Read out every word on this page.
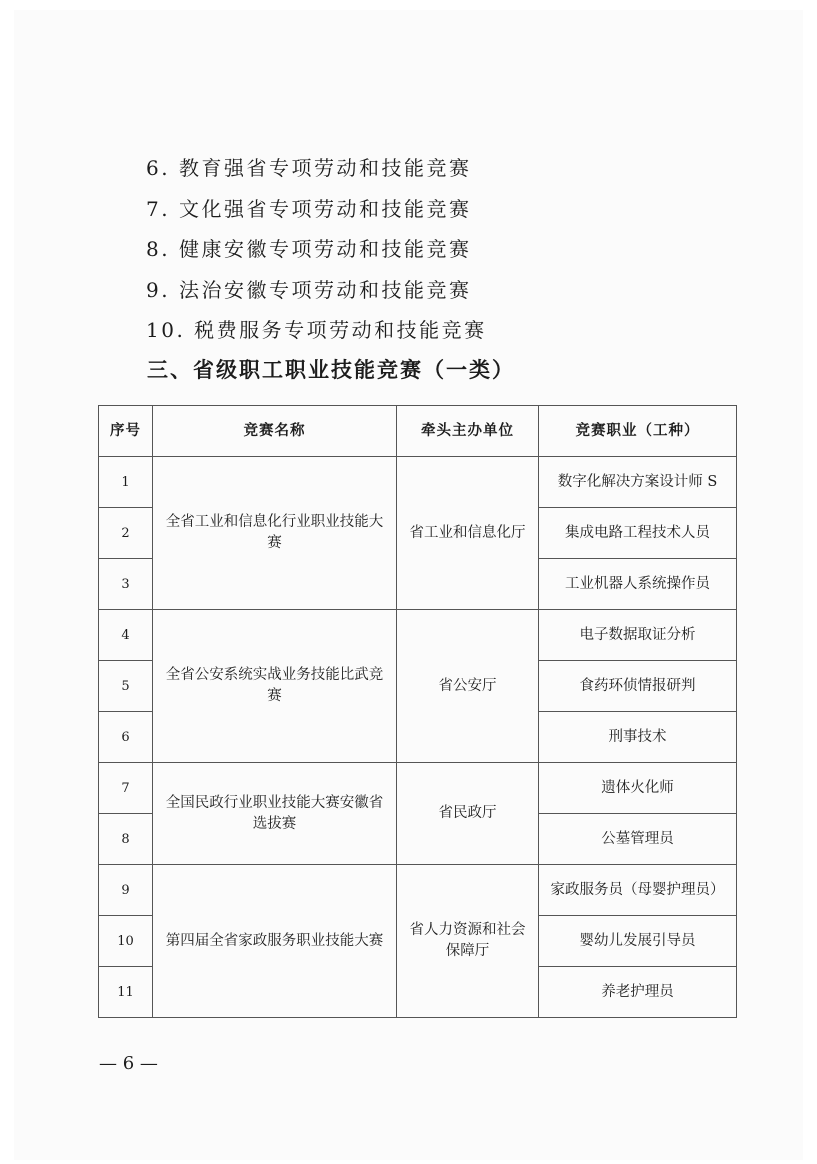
6. 教育强省专项劳动和技能竞赛
7. 文化强省专项劳动和技能竞赛
8. 健康安徽专项劳动和技能竞赛
9. 法治安徽专项劳动和技能竞赛
10. 税费服务专项劳动和技能竞赛
三、省级职工职业技能竞赛（一类）
序号	竞赛名称	牵头主办单位	竞赛职业（工种）
1	全省工业和信息化行业职业技能大赛	省工业和信息化厅	数字化解决方案设计师 S
2			集成电路工程技术人员
3			工业机器人系统操作员
4	全省公安系统实战业务技能比武竞赛	省公安厅	电子数据取证分析
5			食药环侦情报研判
6			刑事技术
7	全国民政行业职业技能大赛安徽省选拔赛	省民政厅	遗体火化师
8			公墓管理员
9	第四届全省家政服务职业技能大赛	省人力资源和社会保障厅	家政服务员（母婴护理员）
10			婴幼儿发展引导员
11			养老护理员
— 6 —
